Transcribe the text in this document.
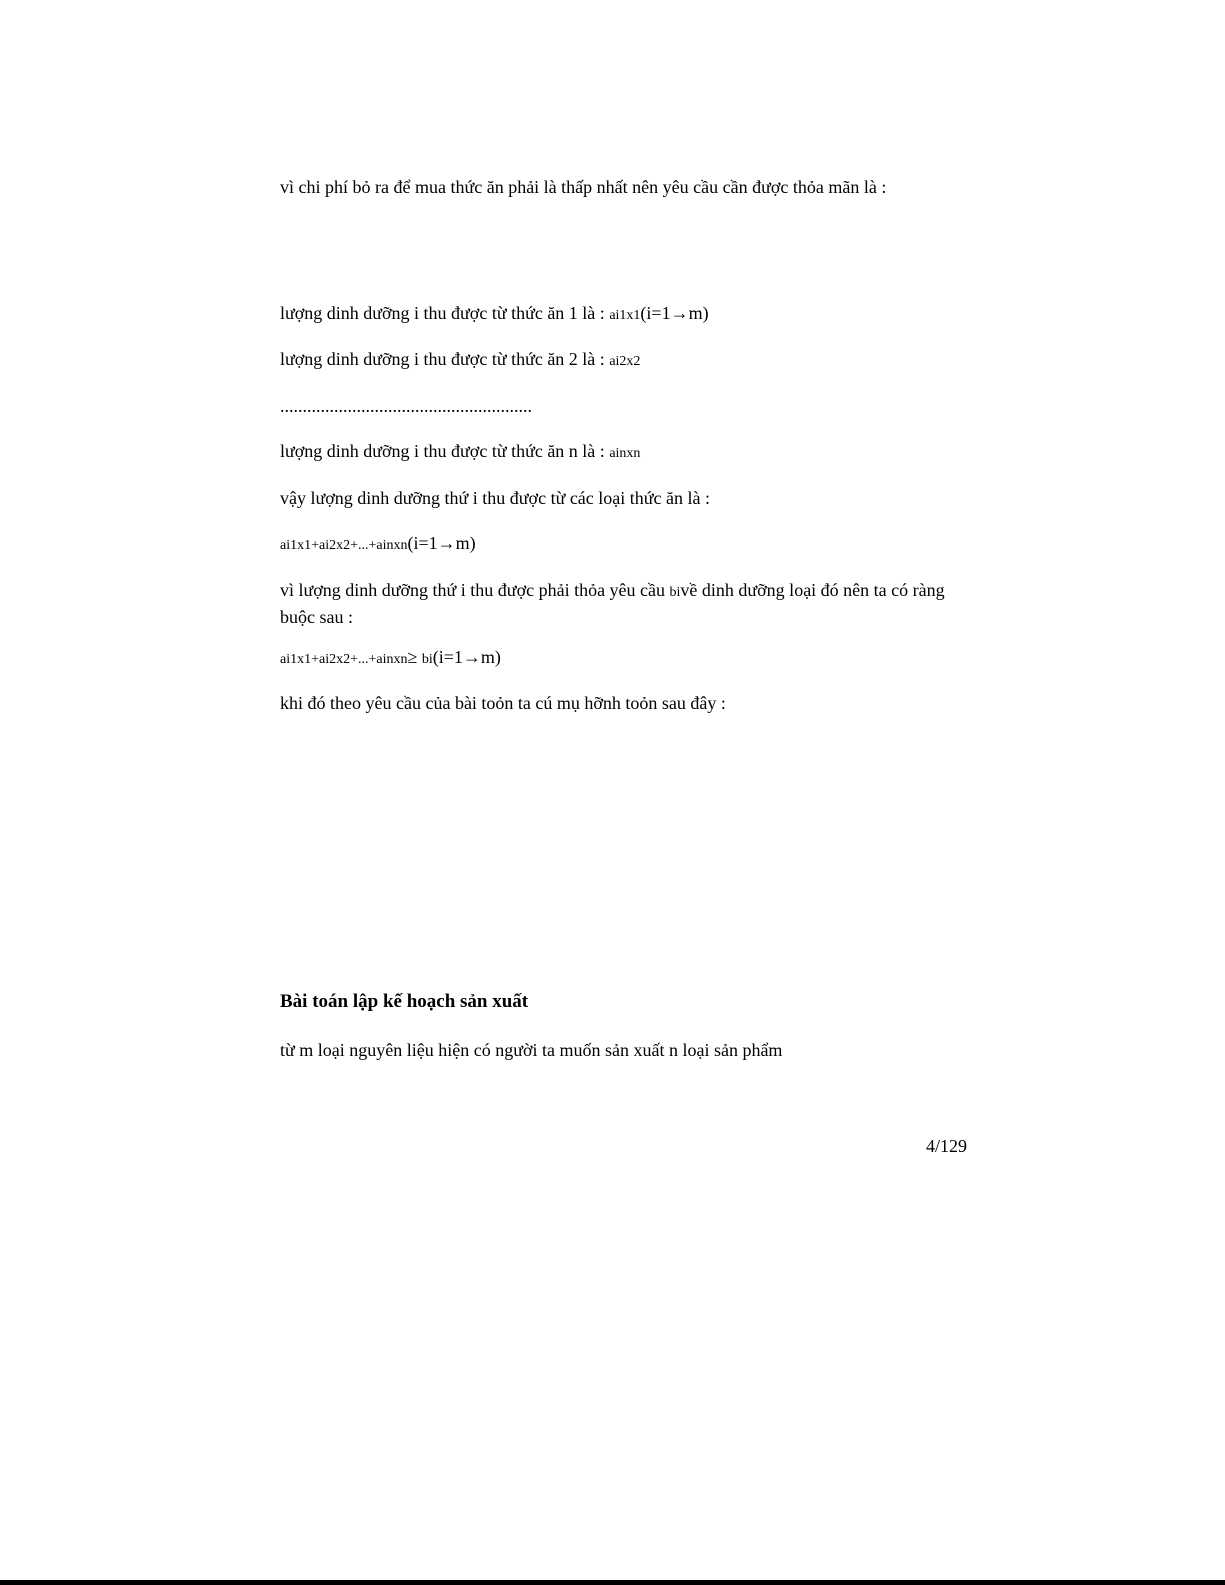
vì chi phí bỏ ra để mua thức ăn phải là thấp nhất nên yêu cầu cần được thỏa mãn là :
lượng dinh dưỡng i thu được từ thức ăn 1 là : ai1x1(i=1→m)
lượng dinh dưỡng i thu được từ thức ăn 2 là : ai2x2
........................................................
lượng dinh dưỡng i thu được từ thức ăn n là : ainxn
vậy lượng dinh dưỡng thứ i thu được từ các loại thức ăn là :
ai1x1+ai2x2+...+ainxn(i=1→m)
vì lượng dinh dưỡng thứ i thu được phải thỏa yêu cầu bivề dinh dưỡng loại đó nên ta có ràng buộc sau :
ai1x1+ai2x2+...+ainxn≥ bi(i=1→m)
khi đó theo yêu cầu của bài toỏn ta cú mụ hỡnh toỏn sau đây :
Bài toán lập kế hoạch sản xuất
từ m loại nguyên liệu hiện có người ta muốn sản xuất n loại sản phẩm
4/129
